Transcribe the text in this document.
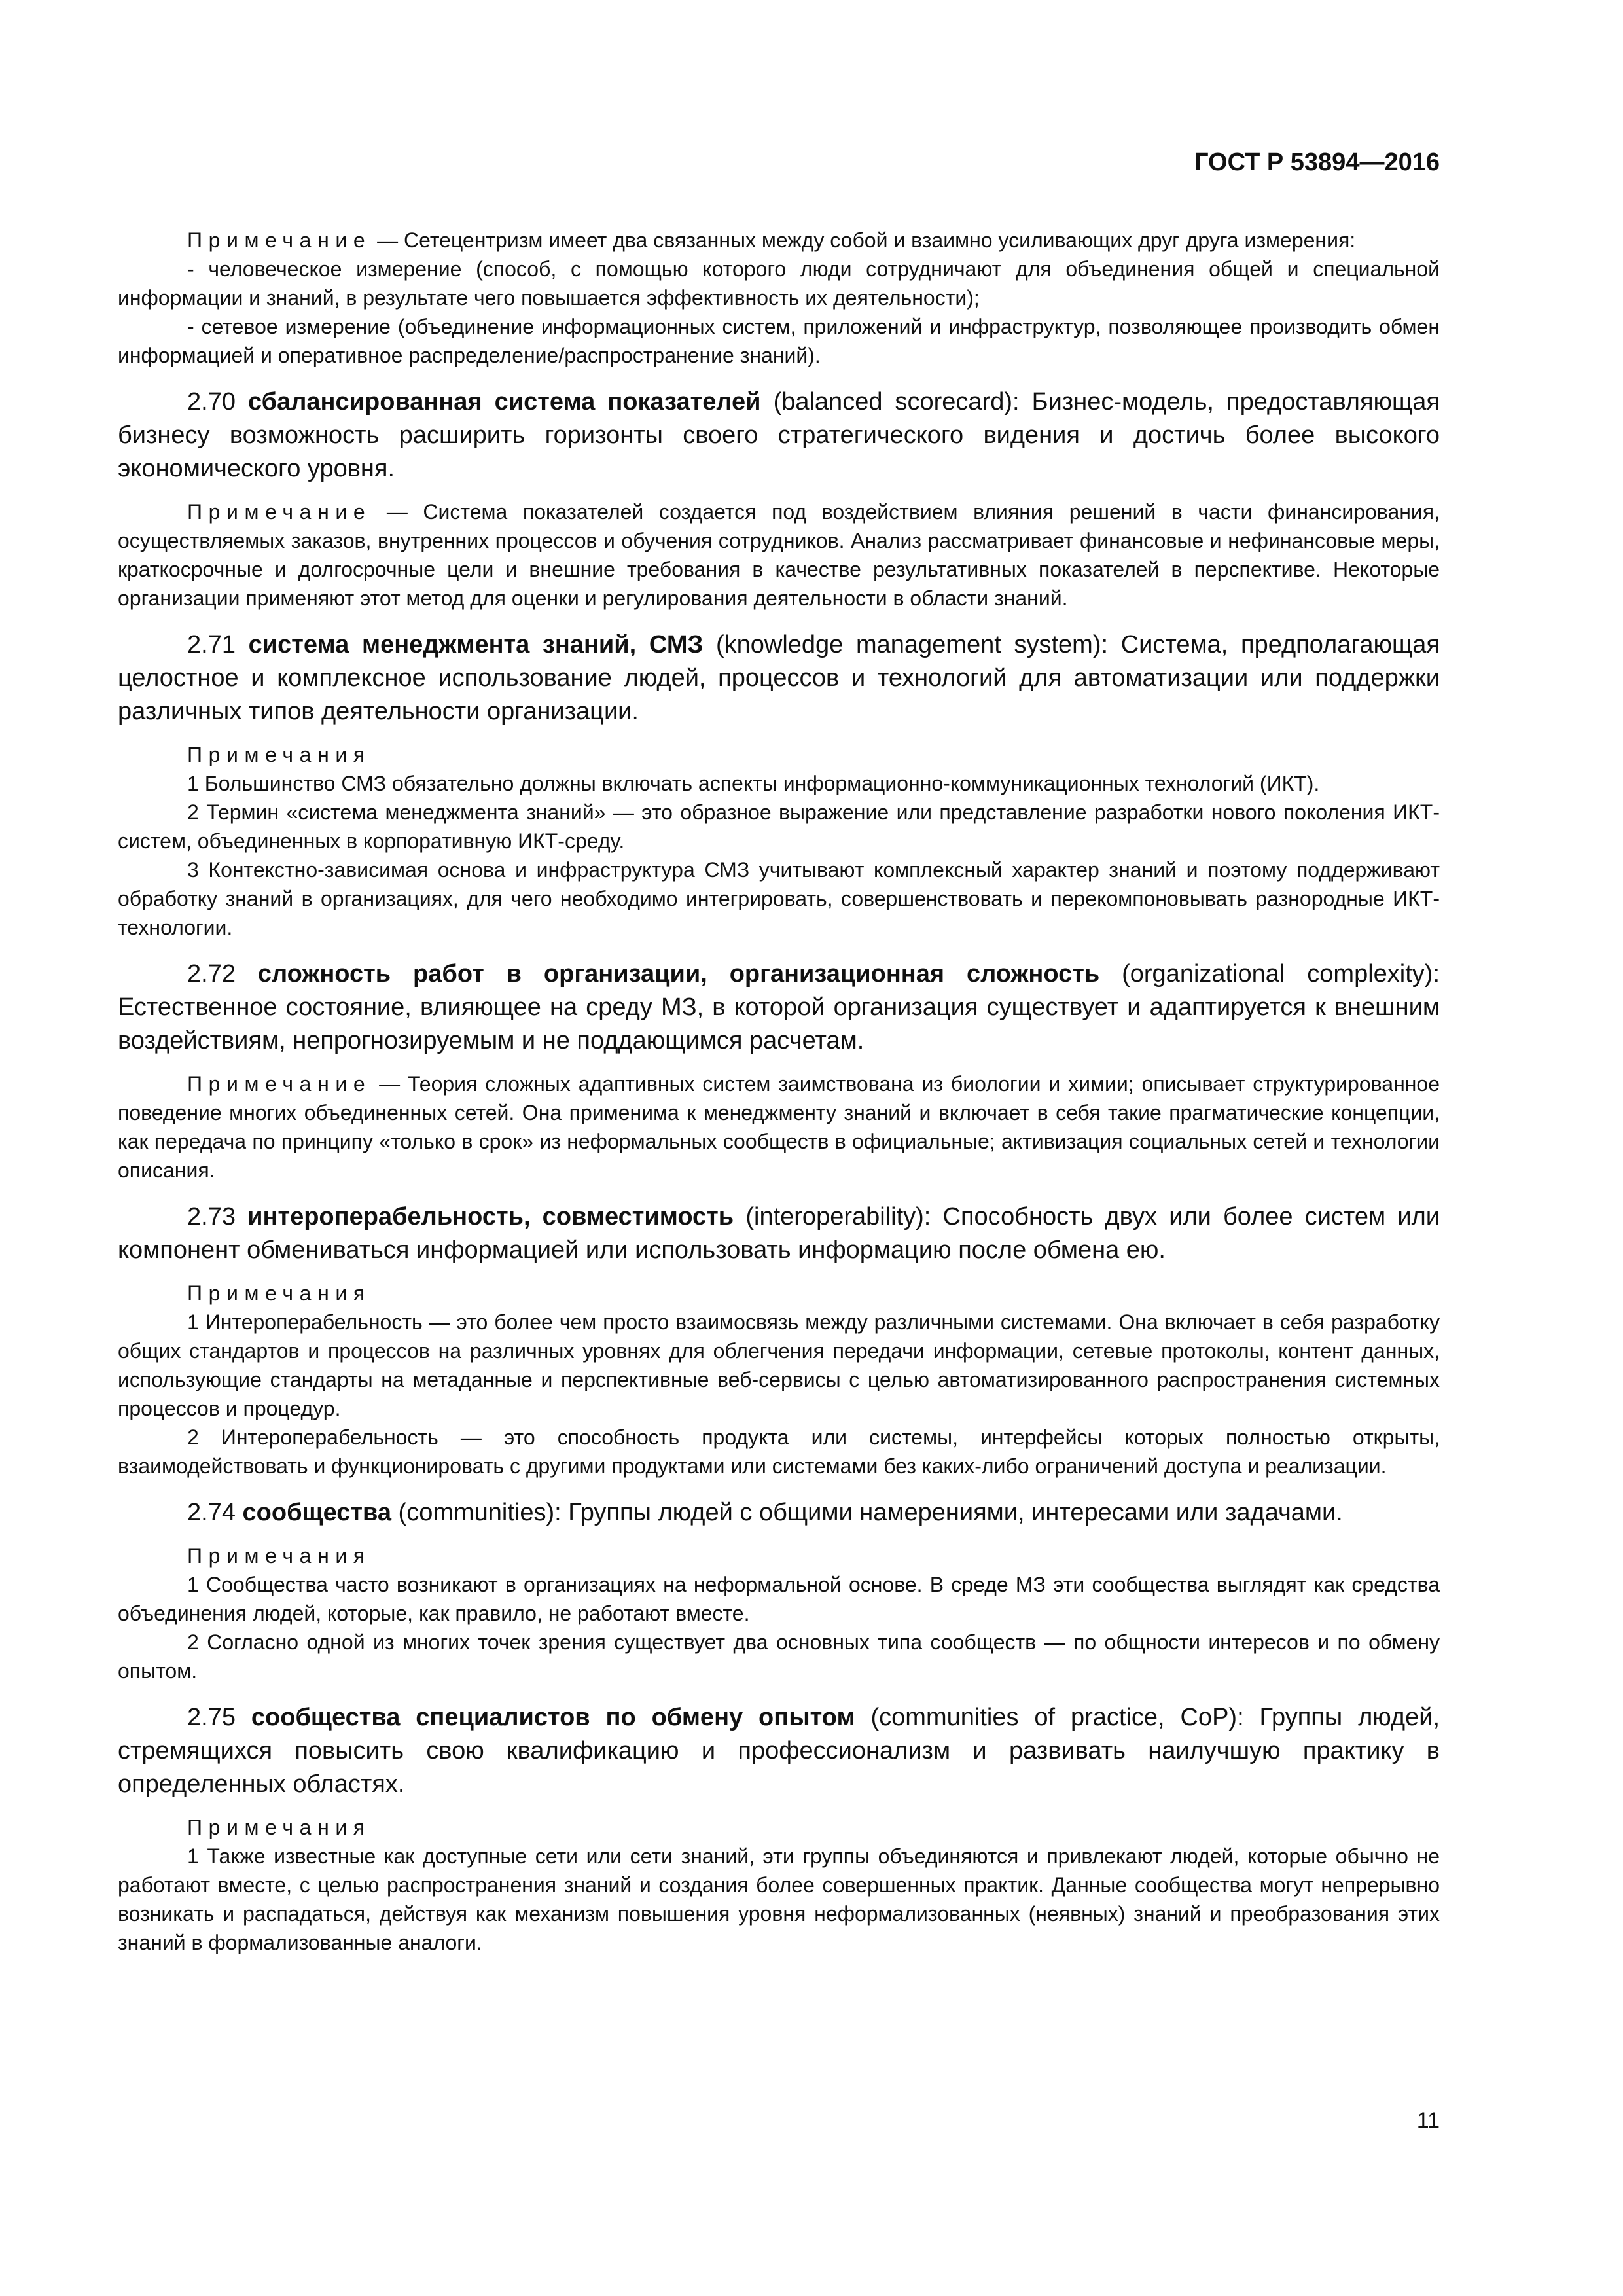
ГОСТ Р 53894—2016

Примечание — Сетецентризм имеет два связанных между собой и взаимно усиливающих друг друга измерения:

- человеческое измерение (способ, с помощью которого люди сотрудничают для объединения общей и специальной информации и знаний, в результате чего повышается эффективность их деятельности);

- сетевое измерение (объединение информационных систем, приложений и инфраструктур, позволяющее производить обмен информацией и оперативное распределение/распространение знаний).

2.70 сбалансированная система показателей (balanced scorecard): Бизнес-модель, предоставляющая бизнесу возможность расширить горизонты своего стратегического видения и достичь более высокого экономического уровня.

Примечание — Система показателей создается под воздействием влияния решений в части финансирования, осуществляемых заказов, внутренних процессов и обучения сотрудников. Анализ рассматривает финансовые и нефинансовые меры, краткосрочные и долгосрочные цели и внешние требования в качестве результативных показателей в перспективе. Некоторые организации применяют этот метод для оценки и регулирования деятельности в области знаний.

2.71 система менеджмента знаний, СМЗ (knowledge management system): Система, предполагающая целостное и комплексное использование людей, процессов и технологий для автоматизации или поддержки различных типов деятельности организации.

Примечания

1 Большинство СМЗ обязательно должны включать аспекты информационно-коммуникационных технологий (ИКТ).

2 Термин «система менеджмента знаний» — это образное выражение или представление разработки нового поколения ИКТ-систем, объединенных в корпоративную ИКТ-среду.

3 Контекстно-зависимая основа и инфраструктура СМЗ учитывают комплексный характер знаний и поэтому поддерживают обработку знаний в организациях, для чего необходимо интегрировать, совершенствовать и перекомпоновывать разнородные ИКТ-технологии.

2.72 сложность работ в организации, организационная сложность (organizational complexity): Естественное состояние, влияющее на среду МЗ, в которой организация существует и адаптируется к внешним воздействиям, непрогнозируемым и не поддающимся расчетам.

Примечание — Теория сложных адаптивных систем заимствована из биологии и химии; описывает структурированное поведение многих объединенных сетей. Она применима к менеджменту знаний и включает в себя такие прагматические концепции, как передача по принципу «только в срок» из неформальных сообществ в официальные; активизация социальных сетей и технологии описания.

2.73 интероперабельность, совместимость (interoperability): Способность двух или более систем или компонент обмениваться информацией или использовать информацию после обмена ею.

Примечания

1 Интероперабельность — это более чем просто взаимосвязь между различными системами. Она включает в себя разработку общих стандартов и процессов на различных уровнях для облегчения передачи информации, сетевые протоколы, контент данных, использующие стандарты на метаданные и перспективные веб-сервисы с целью автоматизированного распространения системных процессов и процедур.

2 Интероперабельность — это способность продукта или системы, интерфейсы которых полностью открыты, взаимодействовать и функционировать с другими продуктами или системами без каких-либо ограничений доступа и реализации.

2.74 сообщества (communities): Группы людей с общими намерениями, интересами или задачами.

Примечания

1 Сообщества часто возникают в организациях на неформальной основе. В среде МЗ эти сообщества выглядят как средства объединения людей, которые, как правило, не работают вместе.

2 Согласно одной из многих точек зрения существует два основных типа сообществ — по общности интересов и по обмену опытом.

2.75 сообщества специалистов по обмену опытом (communities of practice, CoP): Группы людей, стремящихся повысить свою квалификацию и профессионализм и развивать наилучшую практику в определенных областях.

Примечания

1 Также известные как доступные сети или сети знаний, эти группы объединяются и привлекают людей, которые обычно не работают вместе, с целью распространения знаний и создания более совершенных практик. Данные сообщества могут непрерывно возникать и распадаться, действуя как механизм повышения уровня неформализованных (неявных) знаний и преобразования этих знаний в формализованные аналоги.

11
